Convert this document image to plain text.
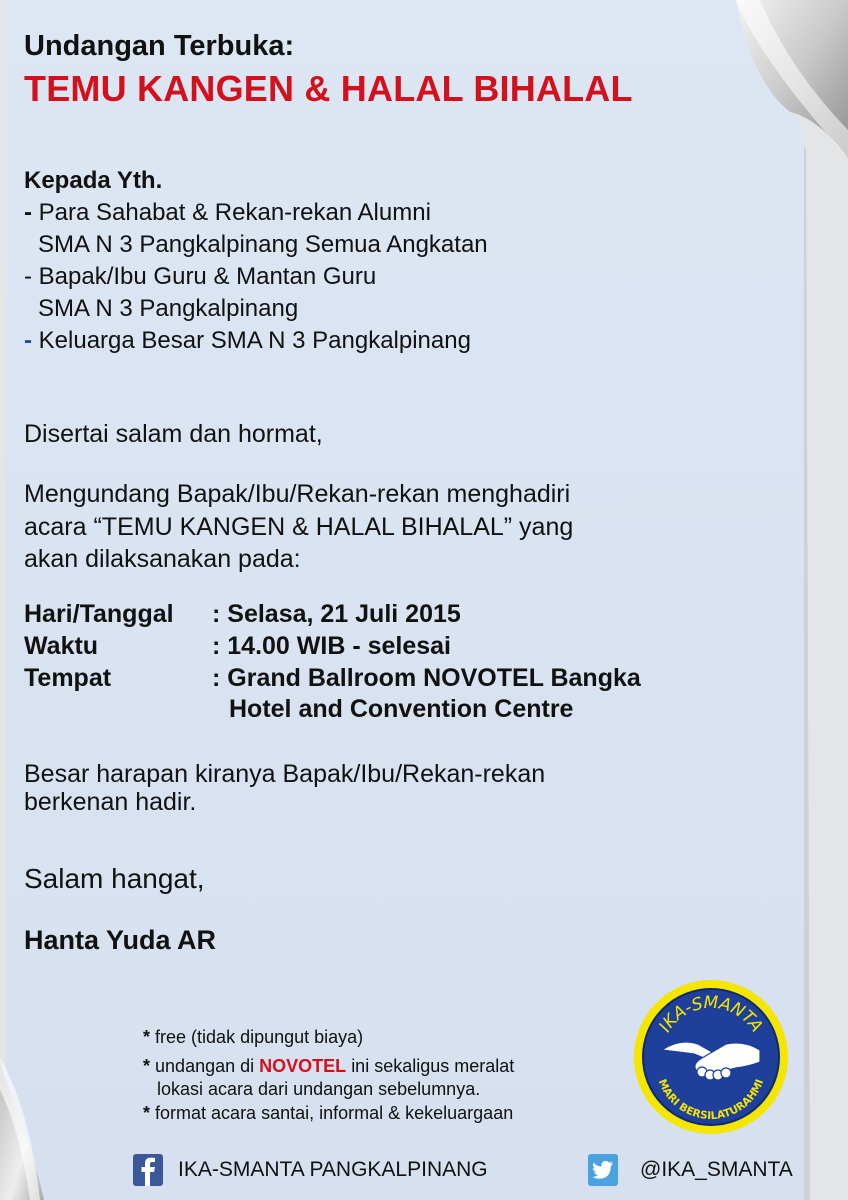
Undangan Terbuka:
TEMU KANGEN & HALAL BIHALAL
Kepada Yth.
- Para Sahabat & Rekan-rekan Alumni
SMA N 3 Pangkalpinang Semua Angkatan
- Bapak/Ibu Guru & Mantan Guru
SMA N 3 Pangkalpinang
- Keluarga Besar SMA N 3 Pangkalpinang
Disertai salam dan hormat,
Mengundang Bapak/Ibu/Rekan-rekan menghadiri
acara “TEMU KANGEN & HALAL BIHALAL” yang
akan dilaksanakan pada:
Hari/Tanggal : Selasa, 21 Juli 2015
Waktu	: 14.00 WIB - selesai
Tempat	: Grand Ballroom NOVOTEL Bangka
Hotel and Convention Centre
Besar harapan kiranya Bapak/Ibu/Rekan-rekan
berkenan hadir.
Salam hangat,
Hanta Yuda AR
* free (tidak dipungut biaya)
* undangan di NOVOTEL ini sekaligus meralat
lokasi acara dari undangan sebelumnya.
* format acara santai, informal & kekeluargaan
IKA-SMANTA
MARI BERSILATURAHMI
IKA-SMANTA PANGKALPINANG	@IKA_SMANTA
